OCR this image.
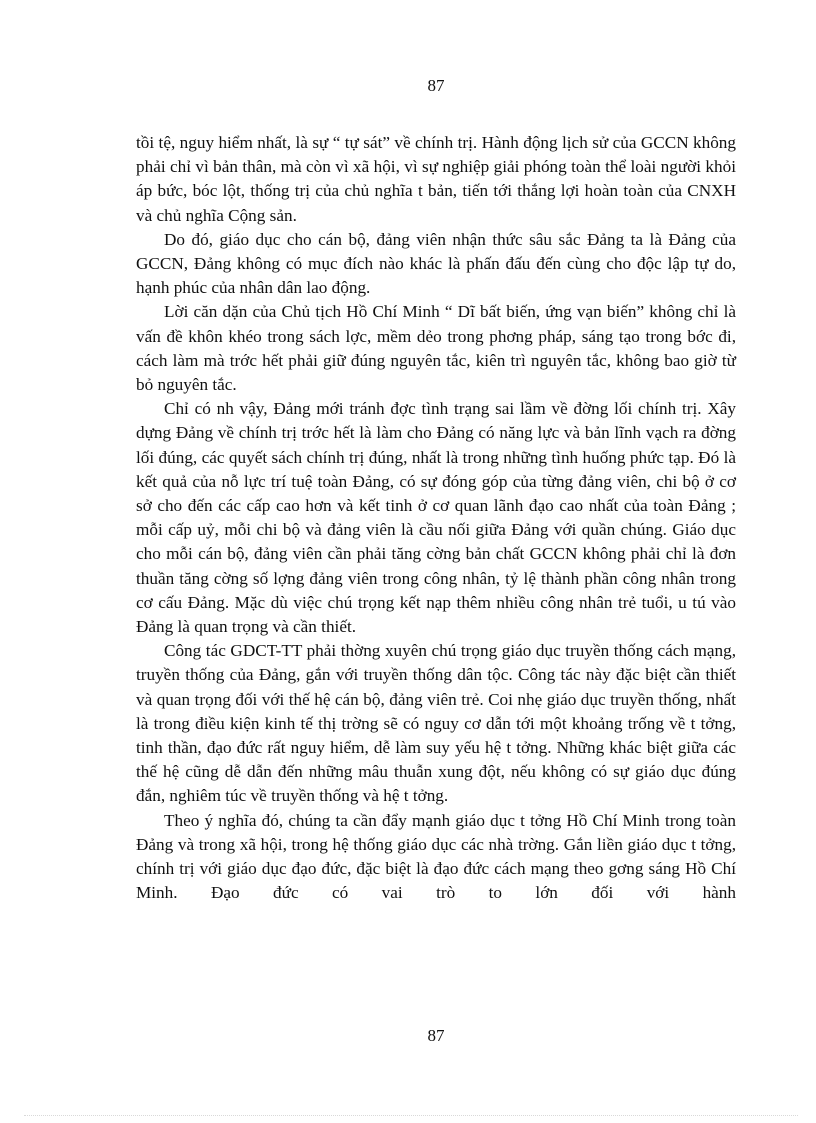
87

tồi tệ, nguy hiểm nhất, là sự “ tự sát” về chính trị. Hành động lịch sử của GCCN không phải chỉ vì bản thân, mà còn vì xã hội, vì sự nghiệp giải phóng toàn thể loài người khỏi áp bức, bóc lột, thống trị của chủ nghĩa t bản, tiến tới thắng lợi hoàn toàn của CNXH và chủ nghĩa Cộng sản.

Do đó, giáo dục cho cán bộ, đảng viên nhận thức sâu sắc Đảng ta là Đảng của GCCN, Đảng không có mục đích nào khác là phấn đấu đến cùng cho độc lập tự do, hạnh phúc của nhân dân lao động.

Lời căn dặn của Chủ tịch Hồ Chí Minh “ Dĩ bất biến, ứng vạn biến” không chỉ là vấn đề khôn khéo trong sách lợc, mềm dẻo trong phơng pháp, sáng tạo trong bớc đi, cách làm mà trớc hết phải giữ đúng nguyên tắc, kiên trì nguyên tắc, không bao giờ từ bỏ nguyên tắc.

Chỉ có nh vậy, Đảng mới tránh đợc tình trạng sai lầm về đờng lối chính trị. Xây dựng Đảng về chính trị trớc hết là làm cho Đảng có năng lực và bản lĩnh vạch ra đờng lối đúng, các quyết sách chính trị đúng, nhất là trong những tình huống phức tạp. Đó là kết quả của nỗ lực trí tuệ toàn Đảng, có sự đóng góp của từng đảng viên, chi bộ ở cơ sở cho đến các cấp cao hơn và kết tinh ở cơ quan lãnh đạo cao nhất của toàn Đảng ; mỗi cấp uỷ, mỗi chi bộ và đảng viên là cầu nối giữa Đảng với quần chúng. Giáo dục cho mỗi cán bộ, đảng viên cần phải tăng cờng bản chất GCCN không phải chỉ là đơn thuần tăng cờng số lợng đảng viên trong công nhân, tỷ lệ thành phần công nhân trong cơ cấu Đảng. Mặc dù việc chú trọng kết nạp thêm nhiều công nhân trẻ tuổi, u tú vào Đảng là quan trọng và cần thiết.

Công tác GDCT-TT phải thờng xuyên chú trọng giáo dục truyền thống cách mạng, truyền thống của Đảng, gắn với truyền thống dân tộc. Công tác này đặc biệt cần thiết và quan trọng đối với thế hệ cán bộ, đảng viên trẻ. Coi nhẹ giáo dục truyền thống, nhất là trong điều kiện kinh tế thị trờng sẽ có nguy cơ dẫn tới một khoảng trống về t tởng, tinh thần, đạo đức rất nguy hiểm, dễ làm suy yếu hệ t tởng. Những khác biệt giữa các thế hệ cũng dễ dẫn đến những mâu thuẫn xung đột, nếu không có sự giáo dục đúng đắn, nghiêm túc về truyền thống và hệ t tởng.

Theo ý nghĩa đó, chúng ta cần đẩy mạnh giáo dục t tởng Hồ Chí Minh trong toàn Đảng và trong xã hội, trong hệ thống giáo dục các nhà trờng. Gắn liền giáo dục t tởng, chính trị với giáo dục đạo đức, đặc biệt là đạo đức cách mạng theo gơng sáng Hồ Chí Minh. Đạo đức có vai trò to lớn đối với hành

87
